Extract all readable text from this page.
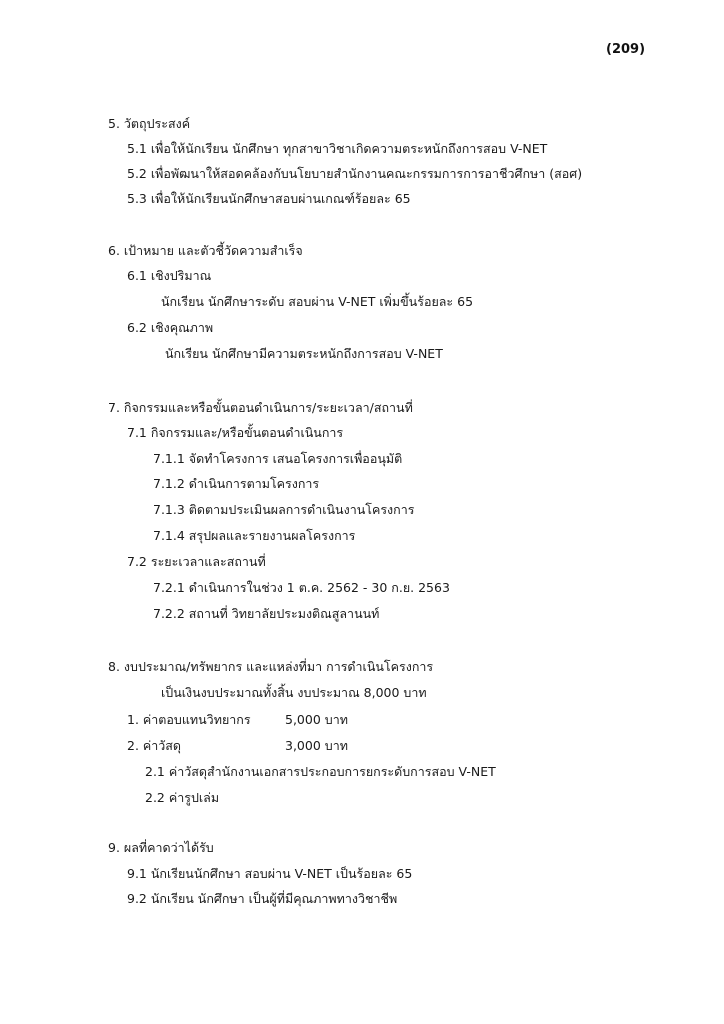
(209)
5. วัตถุประสงค์
5.1 เพื่อให้นักเรียน นักศึกษา ทุกสาขาวิชาเกิดความตระหนักถึงการสอบ V-NET
5.2 เพื่อพัฒนาให้สอดคล้องกับนโยบายสำนักงานคณะกรรมการการอาชีวศึกษา (สอศ)
5.3 เพื่อให้นักเรียนนักศึกษาสอบผ่านเกณฑ์ร้อยละ 65
6. เป้าหมาย และตัวชี้วัดความสำเร็จ
6.1 เชิงปริมาณ
นักเรียน นักศึกษาระดับ สอบผ่าน V-NET เพิ่มขึ้นร้อยละ 65
6.2 เชิงคุณภาพ
นักเรียน นักศึกษามีความตระหนักถึงการสอบ V-NET
7. กิจกรรมและหรือขั้นตอนดำเนินการ/ระยะเวลา/สถานที่
7.1 กิจกรรมและ/หรือขั้นตอนดำเนินการ
7.1.1 จัดทำโครงการ เสนอโครงการเพื่ออนุมัติ
7.1.2 ดำเนินการตามโครงการ
7.1.3 ติดตามประเมินผลการดำเนินงานโครงการ
7.1.4 สรุปผลและรายงานผลโครงการ
7.2 ระยะเวลาและสถานที่
7.2.1 ดำเนินการในช่วง 1 ต.ค. 2562 - 30 ก.ย. 2563
7.2.2 สถานที่ วิทยาลัยประมงติณสูลานนท์
8. งบประมาณ/ทรัพยากร และแหล่งที่มา การดำเนินโครงการ
เป็นเงินงบประมาณทั้งสิ้น งบประมาณ 8,000 บาท
1. ค่าตอบแทนวิทยากร	5,000 บาท
2. ค่าวัสดุ	3,000 บาท
2.1 ค่าวัสดุสำนักงานเอกสารประกอบการยกระดับการสอบ V-NET
2.2 ค่ารูปเล่ม
9. ผลที่คาดว่าได้รับ
9.1 นักเรียนนักศึกษา สอบผ่าน V-NET เป็นร้อยละ 65
9.2 นักเรียน นักศึกษา เป็นผู้ที่มีคุณภาพทางวิชาชีพ
